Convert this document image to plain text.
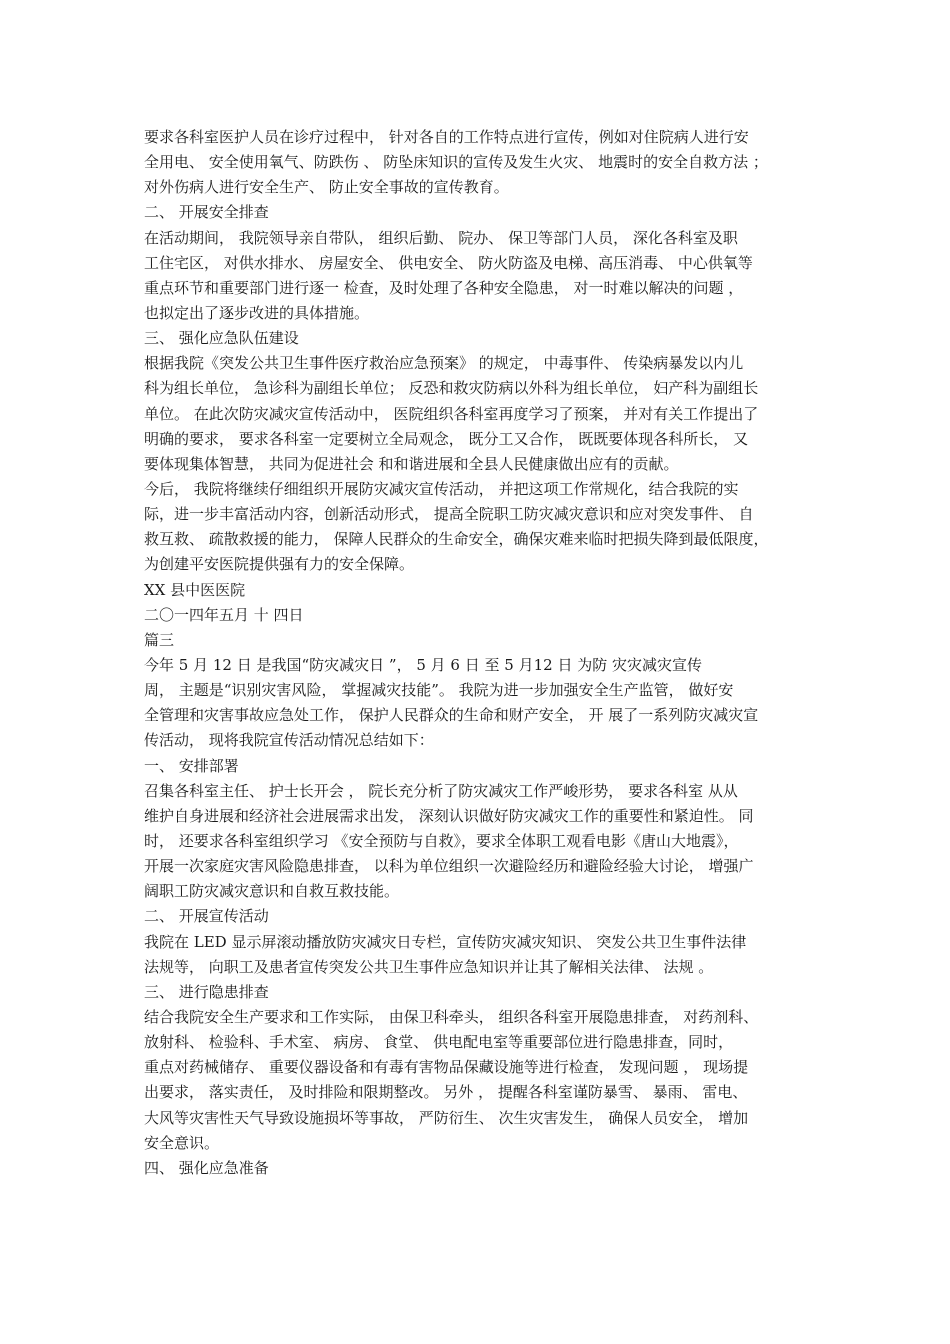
要求各科室医护人员在诊疗过程中， 针对各自的工作特点进行宣传，例如对住院病人进行安
全用电、 安全使用氧气、防跌伤 、 防坠床知识的宣传及发生火灾、 地震时的安全自救方法 ；
对外伤病人进行安全生产、 防止安全事故的宣传教育。
二、 开展安全排查
在活动期间， 我院领导亲自带队， 组织后勤、 院办、 保卫等部门人员， 深化各科室及职
工住宅区， 对供水排水、 房屋安全、 供电安全、 防火防盗及电梯、高压消毒、 中心供氧等
重点环节和重要部门进行逐一 检查，及时处理了各种安全隐患， 对一时难以解决的问题 ，
也拟定出了逐步改进的具体措施。
三、 强化应急队伍建设
根据我院《突发公共卫生事件医疗救治应急预案》 的规定， 中毒事件、 传染病暴发以内儿
科为组长单位， 急诊科为副组长单位； 反恐和救灾防病以外科为组长单位， 妇产科为副组长
单位。 在此次防灾减灾宣传活动中， 医院组织各科室再度学习了预案， 并对有关工作提出了
明确的要求， 要求各科室一定要树立全局观念， 既分工又合作， 既既要体现各科所长， 又
要体现集体智慧， 共同为促进社会 和和谐进展和全县人民健康做出应有的贡献。
今后， 我院将继续仔细组织开展防灾减灾宣传活动， 并把这项工作常规化，结合我院的实
际，进一步丰富活动内容，创新活动形式， 提高全院职工防灾减灾意识和应对突发事件、 自
救互救、 疏散救援的能力， 保障人民群众的生命安全，确保灾难来临时把损失降到最低限度，
为创建平安医院提供强有力的安全保障。
XX 县中医医院
二〇一四年五月 十 四日
篇三
今年 5 月 12 日 是我国“防灾减灾日 ”， 5 月 6 日 至 5 月12 日 为防 灾灾减灾宣传
周， 主题是“识别灾害风险， 掌握减灾技能”。 我院为进一步加强安全生产监管， 做好安
全管理和灾害事故应急处工作， 保护人民群众的生命和财产安全， 开 展了一系列防灾减灾宣
传活动， 现将我院宣传活动情况总结如下：
一、 安排部署
召集各科室主任、 护士长开会 ， 院长充分析了防灾减灾工作严峻形势， 要求各科室 从从
维护自身进展和经济社会进展需求出发， 深刻认识做好防灾减灾工作的重要性和紧迫性。 同
时， 还要求各科室组织学习 《安全预防与自救》，要求全体职工观看电影《唐山大地震》，
开展一次家庭灾害风险隐患排查， 以科为单位组织一次避险经历和避险经验大讨论， 增强广
阔职工防灾减灾意识和自救互救技能。
二、 开展宣传活动
我院在 LED 显示屏滚动播放防灾减灾日专栏，宣传防灾减灾知识、 突发公共卫生事件法律
法规等， 向职工及患者宣传突发公共卫生事件应急知识并让其了解相关法律、 法规 。
三、 进行隐患排查
结合我院安全生产要求和工作实际， 由保卫科牵头， 组织各科室开展隐患排查， 对药剂科、
放射科、 检验科、手术室、 病房、 食堂、 供电配电室等重要部位进行隐患排查，同时，
重点对药械储存、 重要仪器设备和有毒有害物品保藏设施等进行检查， 发现问题 ， 现场提
出要求， 落实责任， 及时排险和限期整改。 另外 ， 提醒各科室谨防暴雪、 暴雨、 雷电、
大风等灾害性天气导致设施损坏等事故， 严防衍生、 次生灾害发生， 确保人员安全， 增加
安全意识。
四、 强化应急准备
